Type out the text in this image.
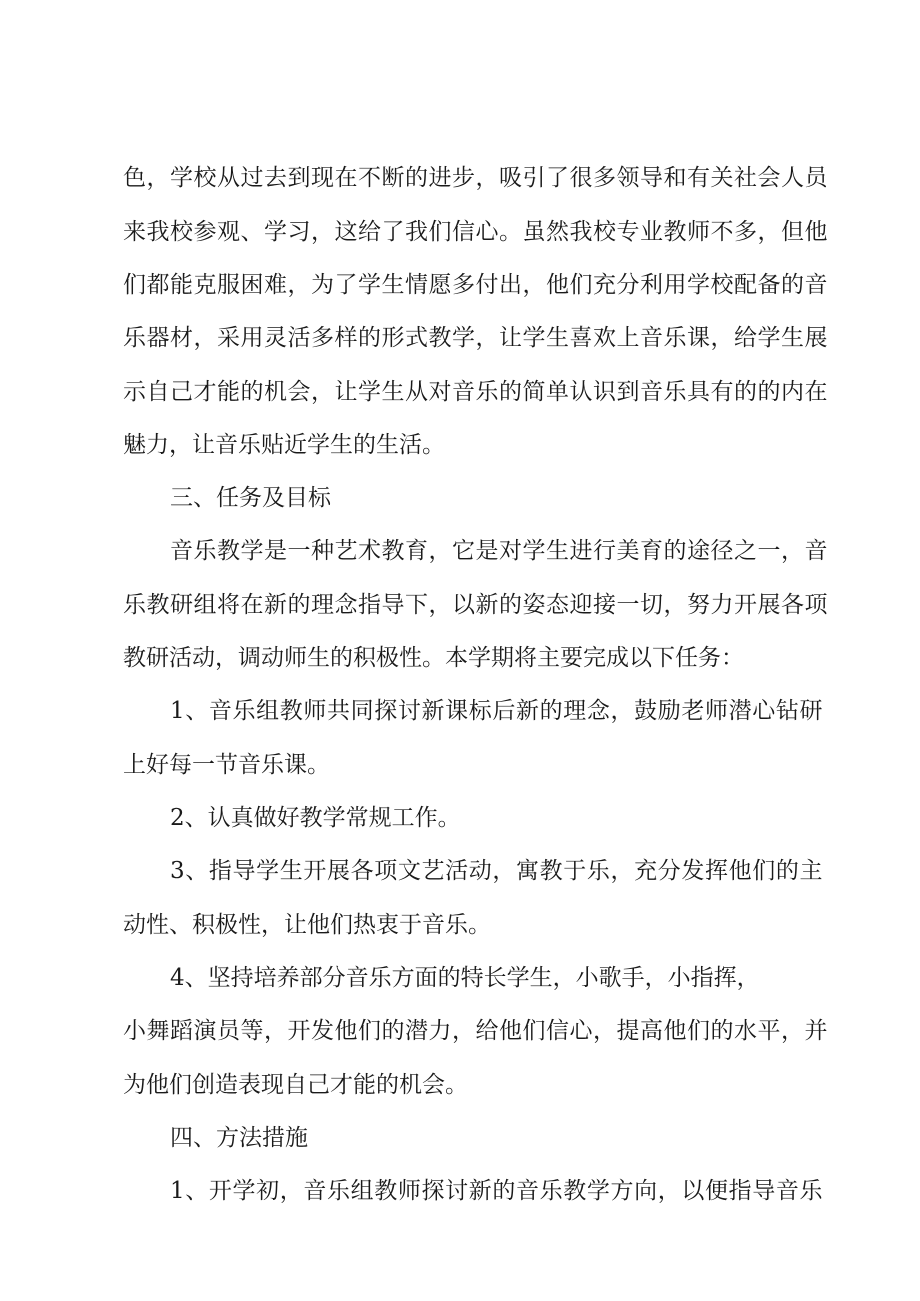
色，学校从过去到现在不断的进步，吸引了很多领导和有关社会人员
来我校参观、学习，这给了我们信心。虽然我校专业教师不多，但他
们都能克服困难，为了学生情愿多付出，他们充分利用学校配备的音
乐器材，采用灵活多样的形式教学，让学生喜欢上音乐课，给学生展
示自己才能的机会，让学生从对音乐的简单认识到音乐具有的的内在
魅力，让音乐贴近学生的生活。
三、任务及目标
音乐教学是一种艺术教育，它是对学生进行美育的途径之一，音
乐教研组将在新的理念指导下，以新的姿态迎接一切，努力开展各项
教研活动，调动师生的积极性。本学期将主要完成以下任务：
1、音乐组教师共同探讨新课标后新的理念，鼓励老师潜心钻研
上好每一节音乐课。
2、认真做好教学常规工作。
3、指导学生开展各项文艺活动，寓教于乐，充分发挥他们的主
动性、积极性，让他们热衷于音乐。
4、坚持培养部分音乐方面的特长学生，小歌手，小指挥，
小舞蹈演员等，开发他们的潜力，给他们信心，提高他们的水平，并
为他们创造表现自己才能的机会。
四、方法措施
1、开学初，音乐组教师探讨新的音乐教学方向，以便指导音乐
